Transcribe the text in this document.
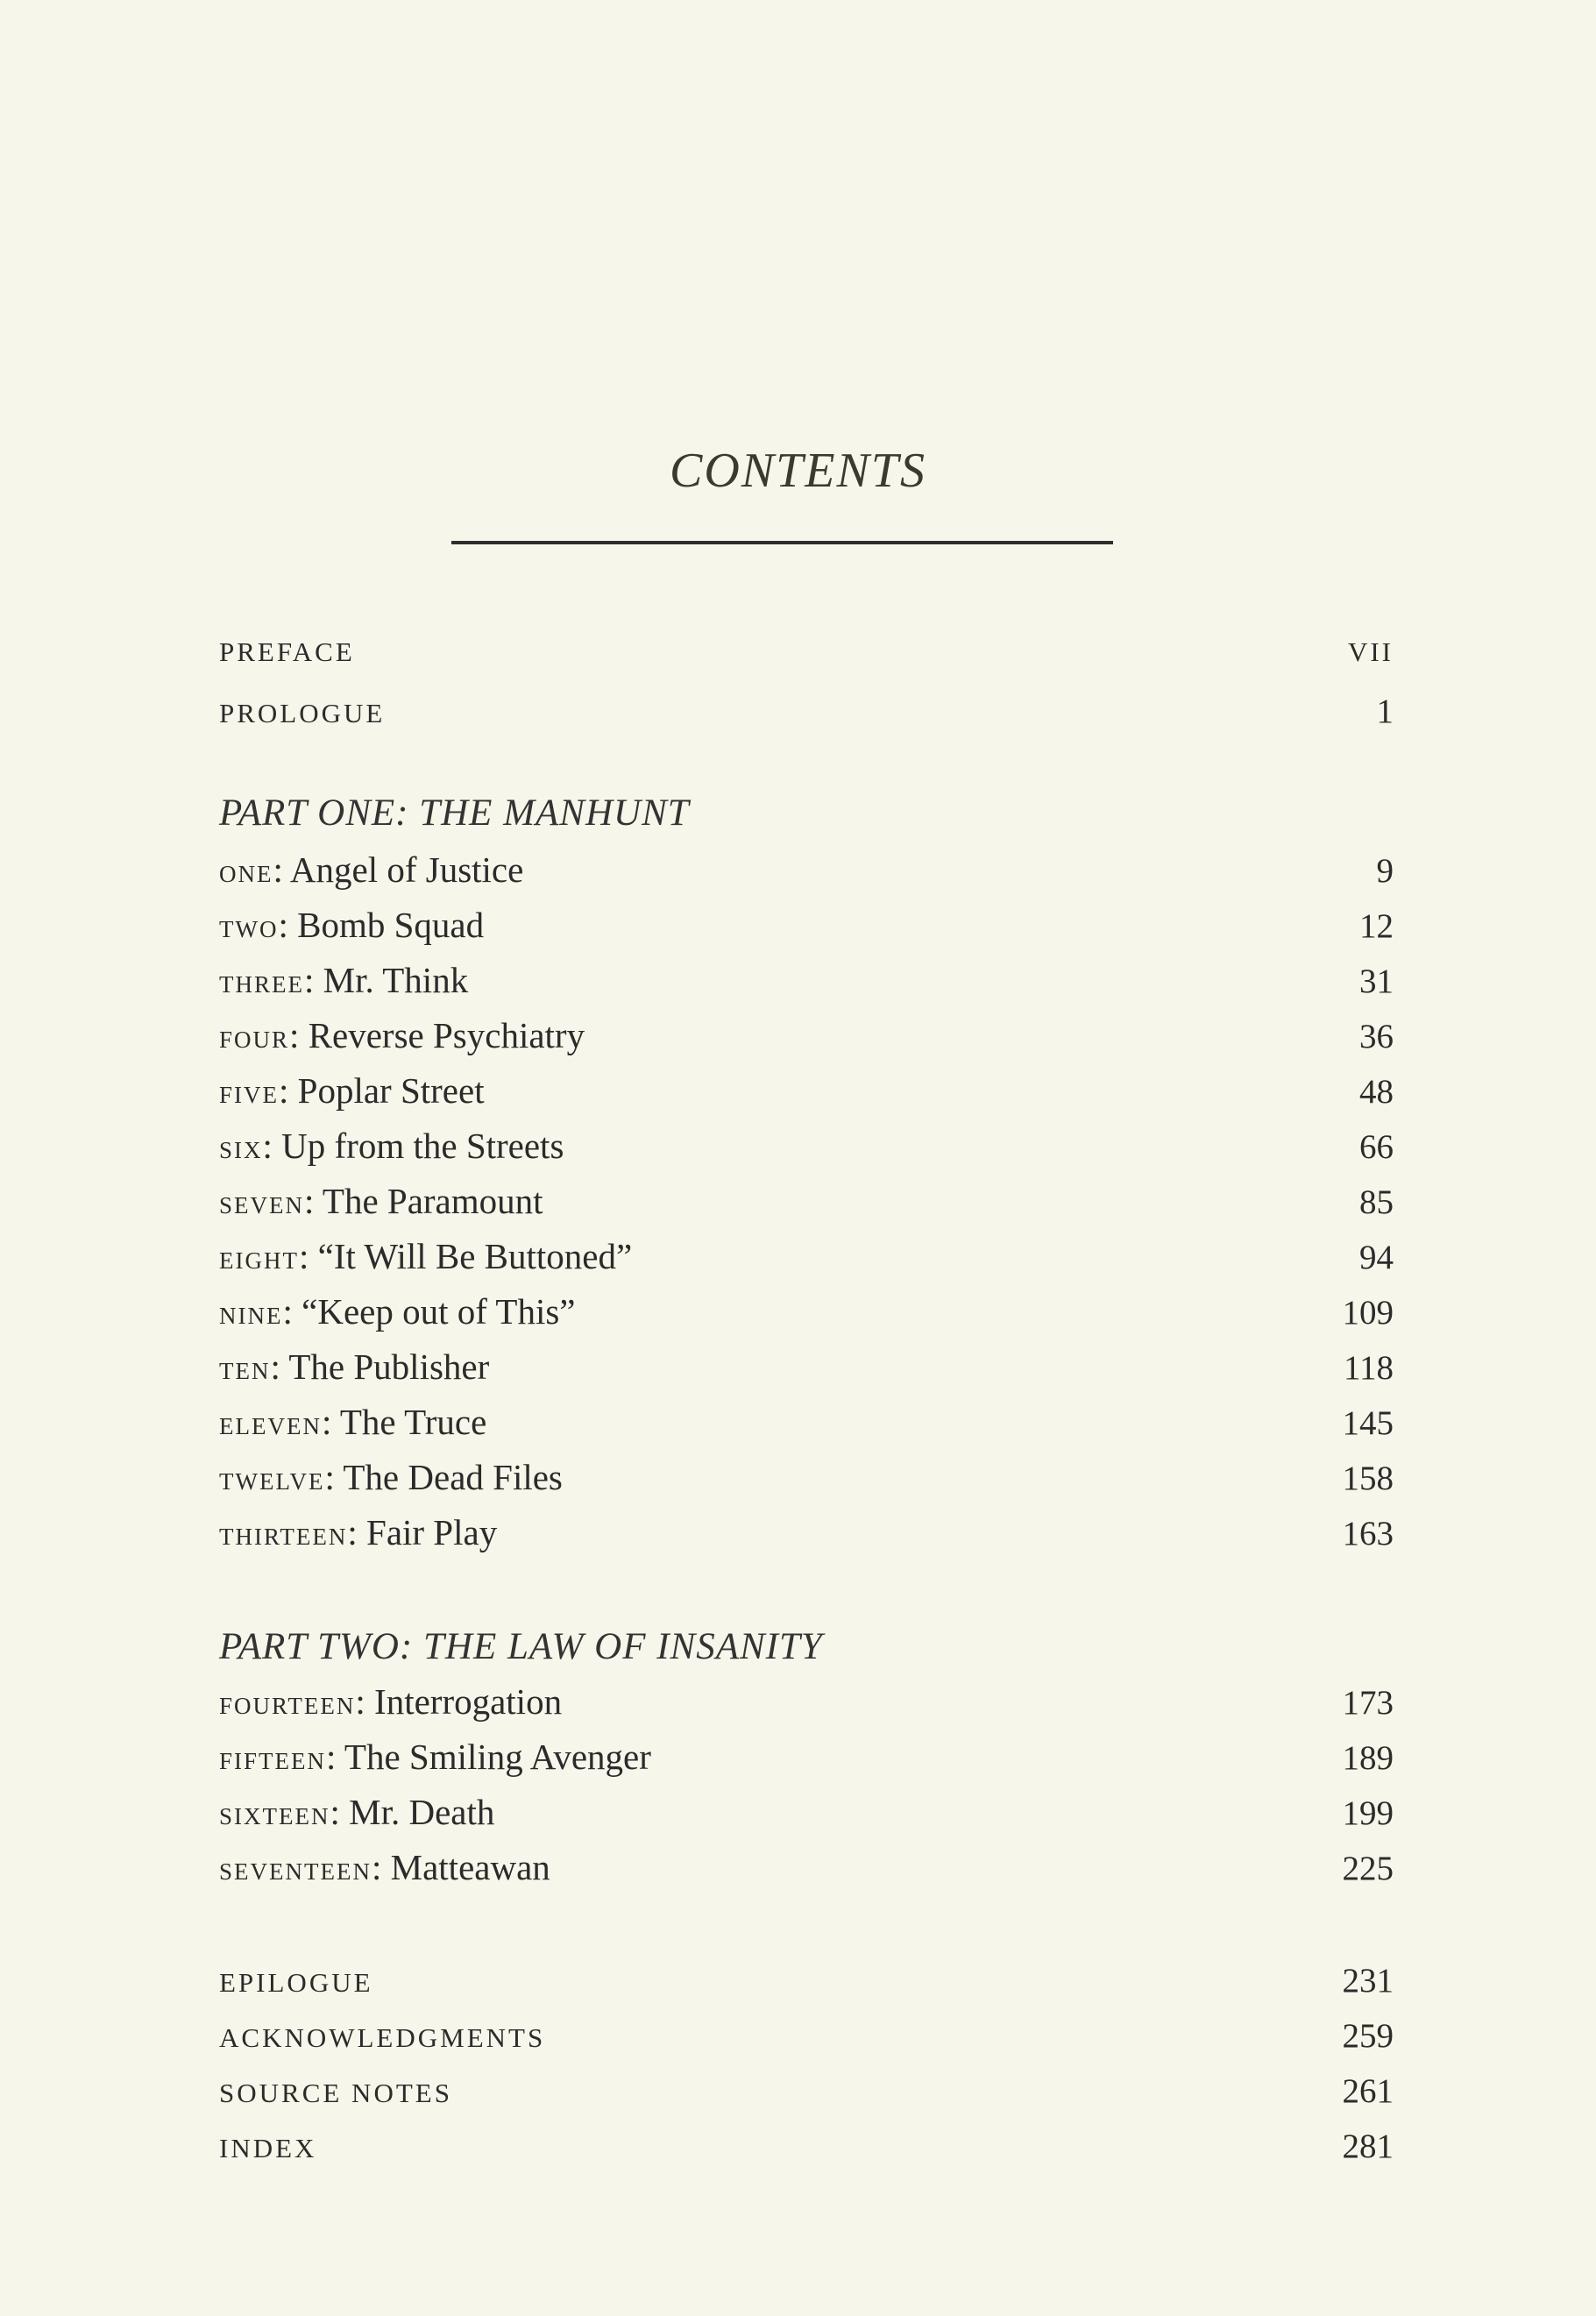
CONTENTS
PREFACE	VII
PROLOGUE	1
PART ONE: THE MANHUNT
one: Angel of Justice	9
two: Bomb Squad	12
three: Mr. Think	31
four: Reverse Psychiatry	36
five: Poplar Street	48
six: Up from the Streets	66
seven: The Paramount	85
eight: “It Will Be Buttoned”	94
nine: “Keep out of This”	109
ten: The Publisher	118
eleven: The Truce	145
twelve: The Dead Files	158
thirteen: Fair Play	163
PART TWO: THE LAW OF INSANITY
fourteen: Interrogation	173
fifteen: The Smiling Avenger	189
sixteen: Mr. Death	199
seventeen: Matteawan	225
EPILOGUE	231
ACKNOWLEDGMENTS	259
SOURCE NOTES	261
INDEX	281
